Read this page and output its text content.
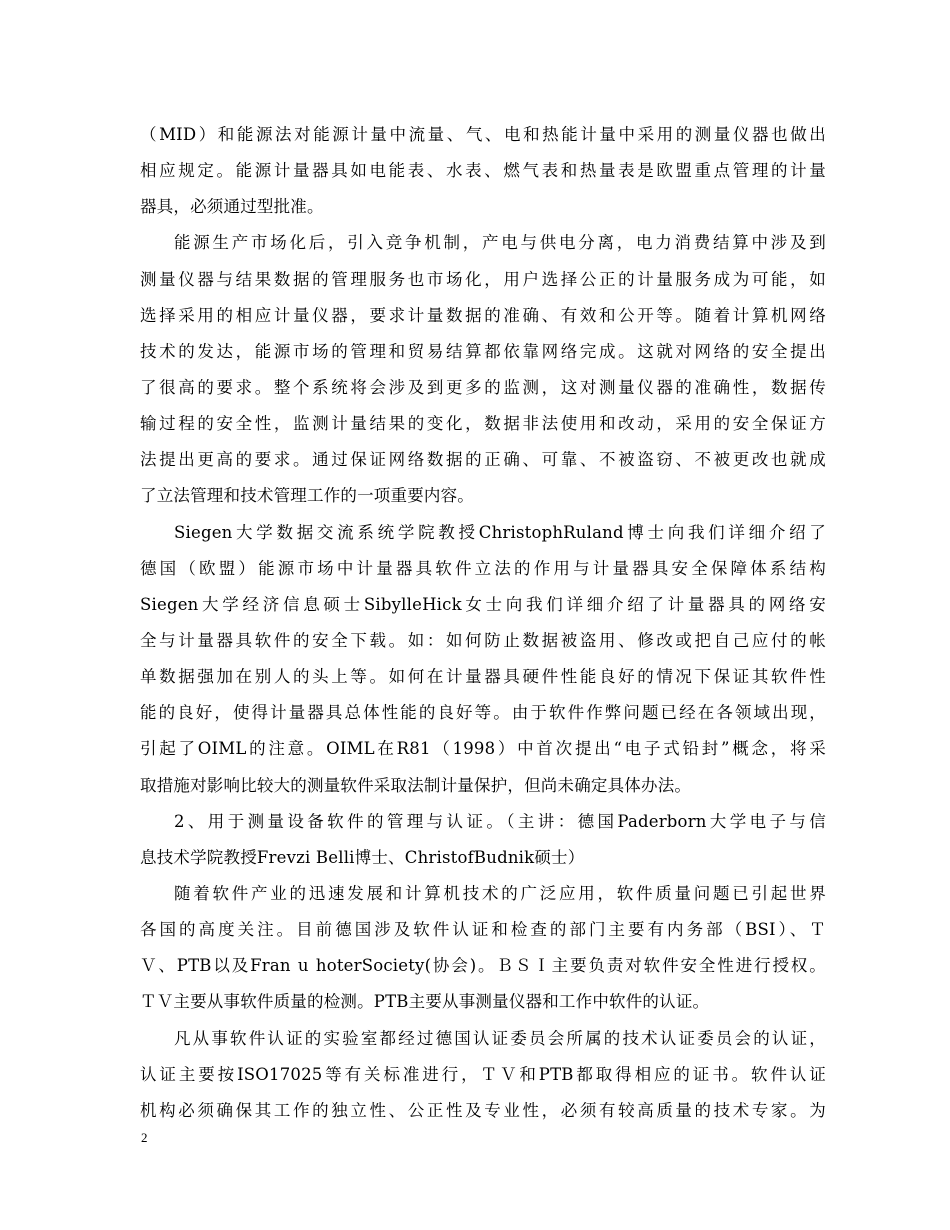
（MID）和能源法对能源计量中流量、气、电和热能计量中采用的测量仪器也做出
相应规定。能源计量器具如电能表、水表、燃气表和热量表是欧盟重点管理的计量
器具，必须通过型批准。
能源生产市场化后，引入竞争机制，产电与供电分离，电力消费结算中涉及到
测量仪器与结果数据的管理服务也市场化，用户选择公正的计量服务成为可能，如
选择采用的相应计量仪器，要求计量数据的准确、有效和公开等。随着计算机网络
技术的发达，能源市场的管理和贸易结算都依靠网络完成。这就对网络的安全提出
了很高的要求。整个系统将会涉及到更多的监测，这对测量仪器的准确性，数据传
输过程的安全性，监测计量结果的变化，数据非法使用和改动，采用的安全保证方
法提出更高的要求。通过保证网络数据的正确、可靠、不被盗窃、不被更改也就成
了立法管理和技术管理工作的一项重要内容。
Siegen大学数据交流系统学院教授ChristophRuland博士向我们详细介绍了
德国（欧盟）能源市场中计量器具软件立法的作用与计量器具安全保障体系结构
Siegen大学经济信息硕士SibylleHick女士向我们详细介绍了计量器具的网络安
全与计量器具软件的安全下载。如：如何防止数据被盗用、修改或把自己应付的帐
单数据强加在别人的头上等。如何在计量器具硬件性能良好的情况下保证其软件性
能的良好，使得计量器具总体性能的良好等。由于软件作弊问题已经在各领域出现，
引起了OIML的注意。OIML在R81（1998）中首次提出“电子式铅封”概念，将采
取措施对影响比较大的测量软件采取法制计量保护，但尚未确定具体办法。
2、用于测量设备软件的管理与认证。（主讲：德国Paderborn大学电子与信
息技术学院教授Frevzi Belli博士、ChristofBudnik硕士）
随着软件产业的迅速发展和计算机技术的广泛应用，软件质量问题已引起世界
各国的高度关注。目前德国涉及软件认证和检查的部门主要有内务部（BSI）、Ｔ
Ｖ、PTB以及Fran u hoterSociety(协会)。ＢＳＩ主要负责对软件安全性进行授权。
ＴＶ主要从事软件质量的检测。PTB主要从事测量仪器和工作中软件的认证。
凡从事软件认证的实验室都经过德国认证委员会所属的技术认证委员会的认证，
认证主要按ISO17025等有关标准进行，ＴＶ和PTB都取得相应的证书。软件认证
机构必须确保其工作的独立性、公正性及专业性，必须有较高质量的技术专家。为
2
